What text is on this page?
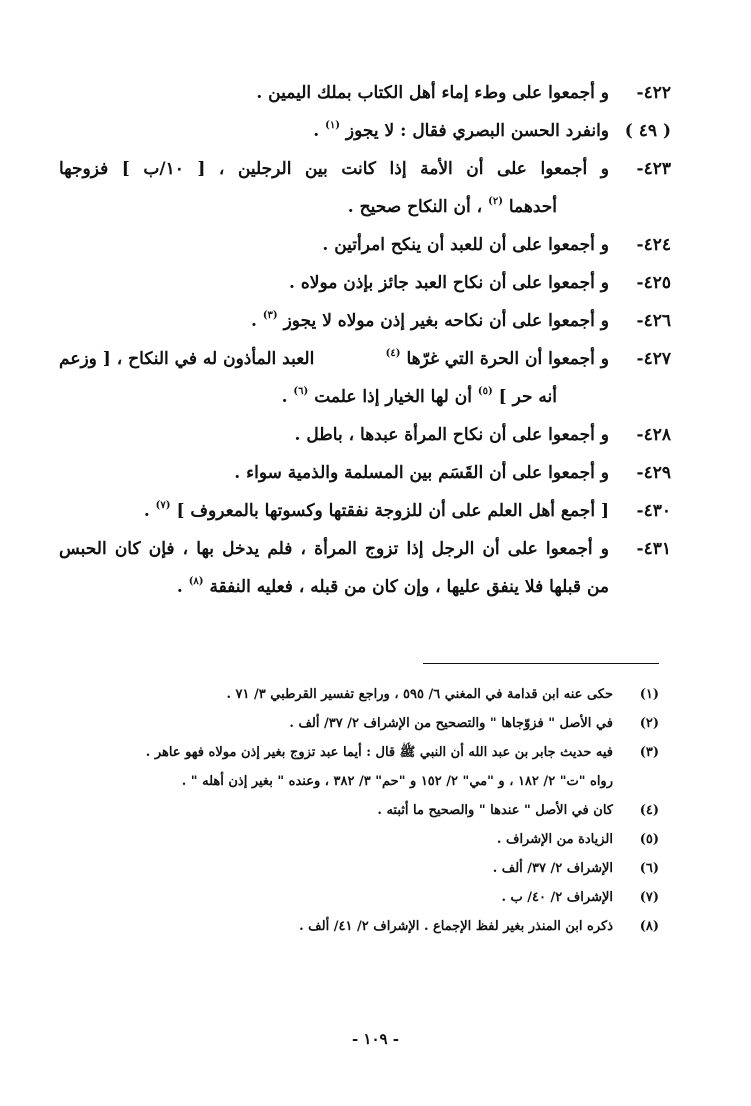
٤٢٢-و أجمعوا على وطء إماء أهل الكتاب بملك اليمين .
( ٤٩ )وانفرد الحسن البصري فقال : لا يجوز $^{(١)}$ .
٤٢٣-
و أجمعوا على أن الأمة إذا كانت بين الرجلين ، [ ١٠/ب ] فزوجها
أحدهما $^{(٢)}$ ، أن النكاح صحيح .
٤٢٤-و أجمعوا على أن للعبد أن ينكح امرأتين .
٤٢٥-و أجمعوا على أن نكاح العبد جائز بإذن مولاه .
٤٢٦-و أجمعوا على أن نكاحه بغير إذن مولاه لا يجوز $^{(٣)}$ .
٤٢٧-
و أجمعوا أن الحرة التي غرّها $^{(٤)}$
العبد المأذون له في النكاح ، [ وزعم
أنه حر ] $^{(٥)}$ أن لها الخيار إذا علمت $^{(٦)}$ .
٤٢٨-و أجمعوا على أن نكاح المرأة عبدها ، باطل .
٤٢٩-و أجمعوا على أن القَسَم بين المسلمة والذمية سواء .
٤٣٠-[ أجمع أهل العلم على أن للزوجة نفقتها وكسوتها بالمعروف ] $^{(٧)}$ .
٤٣١-
و أجمعوا على أن الرجل إذا تزوج المرأة ، فلم يدخل بها ، فإن كان الحبس
من قبلها فلا ينفق عليها ، وإن كان من قبله ، فعليه النفقة $^{(٨)}$ .
(١)
حكى عنه ابن قدامة في المغني ٦/ ٥٩٥ ، وراجع تفسير القرطبي ٣/ ٧١ .
(٢)
في الأصل " فزوّجاها " والتصحيح من الإشراف ٢/ ٣٧/ ألف .
(٣)
فيه حديث جابر بن عبد الله أن النبي ﷺ قال : أيما عبد تزوج بغير إذن مولاه فهو عاهر .
رواه "ت" ٢/ ١٨٢ ، و "مي" ٢/ ١٥٢ و "حم" ٣/ ٣٨٢ ، وعنده " بغير إذن أهله " .
(٤)
كان في الأصل " عندها " والصحيح ما أثبته .
(٥)
الزيادة من الإشراف .
(٦)
الإشراف ٢/ ٣٧/ ألف .
(٧)
الإشراف ٢/ ٤٠/ ب .
(٨)
ذكره ابن المنذر بغير لفظ الإجماع . الإشراف ٢/ ٤١/ ألف .
- ١٠٩ -
